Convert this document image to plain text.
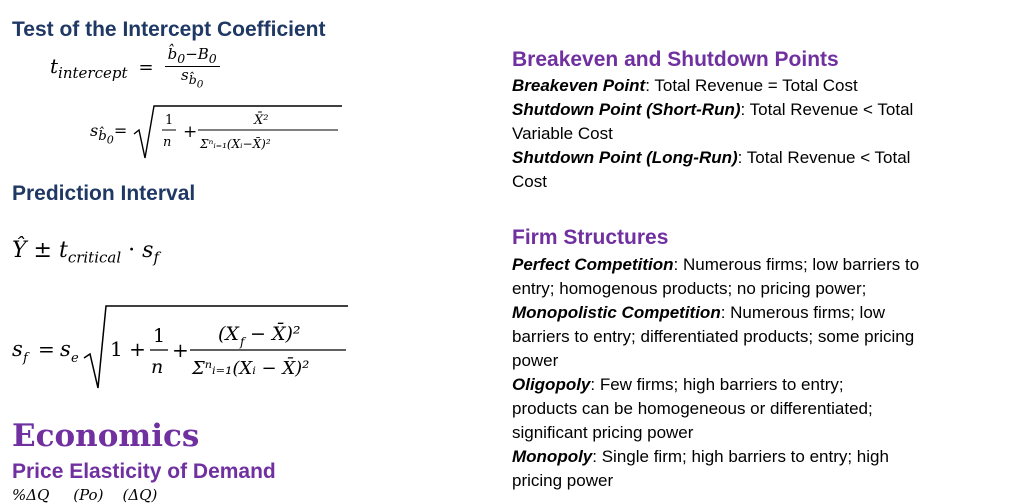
Test of the Intercept Coefficient
$t_{intercept} = \frac{b̂_0-B_0}{s_{b̂_0}}$
$s_{b̂_0}=$
1
n
+
X̄²
Σⁿᵢ₌₁(Xᵢ−X̄)²
Prediction Interval
Ŷ ± $t_{critical} \cdot s_f$
s f = s e 1 +
1
n
+
(X f − X̄)²
Σⁿᵢ₌₁(Xᵢ − X̄)²
Economics
Price Elasticity of Demand
%ΔQ     (Po)    (ΔQ)
Breakeven and Shutdown Points

Breakeven Point: Total Revenue = Total Cost

Shutdown Point (Short-Run): Total Revenue < Total Variable Cost

Shutdown Point (Long-Run): Total Revenue < Total Cost

Firm Structures

Perfect Competition: Numerous firms; low barriers to entry; homogenous products; no pricing power;

Monopolistic Competition: Numerous firms; low barriers to entry; differentiated products; some pricing power

Oligopoly: Few firms; high barriers to entry; products can be homogeneous or differentiated; significant pricing power

Monopoly: Single firm; high barriers to entry; high pricing power
